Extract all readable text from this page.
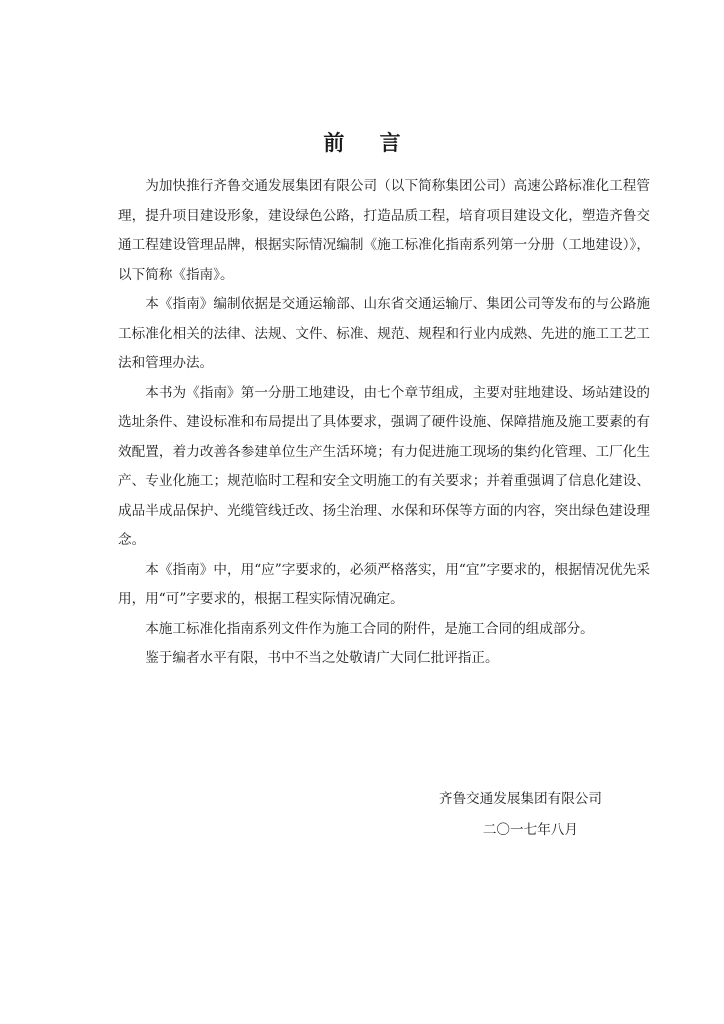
前 言

为加快推行齐鲁交通发展集团有限公司（以下简称集团公司）高速公路标准化工程管理，提升项目建设形象，建设绿色公路，打造品质工程，培育项目建设文化，塑造齐鲁交通工程建设管理品牌，根据实际情况编制《施工标准化指南系列第一分册（工地建设）》，以下简称《指南》。

本《指南》编制依据是交通运输部、山东省交通运输厅、集团公司等发布的与公路施工标准化相关的法律、法规、文件、标准、规范、规程和行业内成熟、先进的施工工艺工法和管理办法。

本书为《指南》第一分册工地建设，由七个章节组成，主要对驻地建设、场站建设的选址条件、建设标准和布局提出了具体要求，强调了硬件设施、保障措施及施工要素的有效配置，着力改善各参建单位生产生活环境；有力促进施工现场的集约化管理、工厂化生产、专业化施工；规范临时工程和安全文明施工的有关要求；并着重强调了信息化建设、成品半成品保护、光缆管线迁改、扬尘治理、水保和环保等方面的内容，突出绿色建设理念。

本《指南》中，用“应”字要求的，必须严格落实，用“宜”字要求的，根据情况优先采用，用“可”字要求的，根据工程实际情况确定。

本施工标准化指南系列文件作为施工合同的附件，是施工合同的组成部分。

鉴于编者水平有限，书中不当之处敬请广大同仁批评指正。

齐鲁交通发展集团有限公司
二〇一七年八月
